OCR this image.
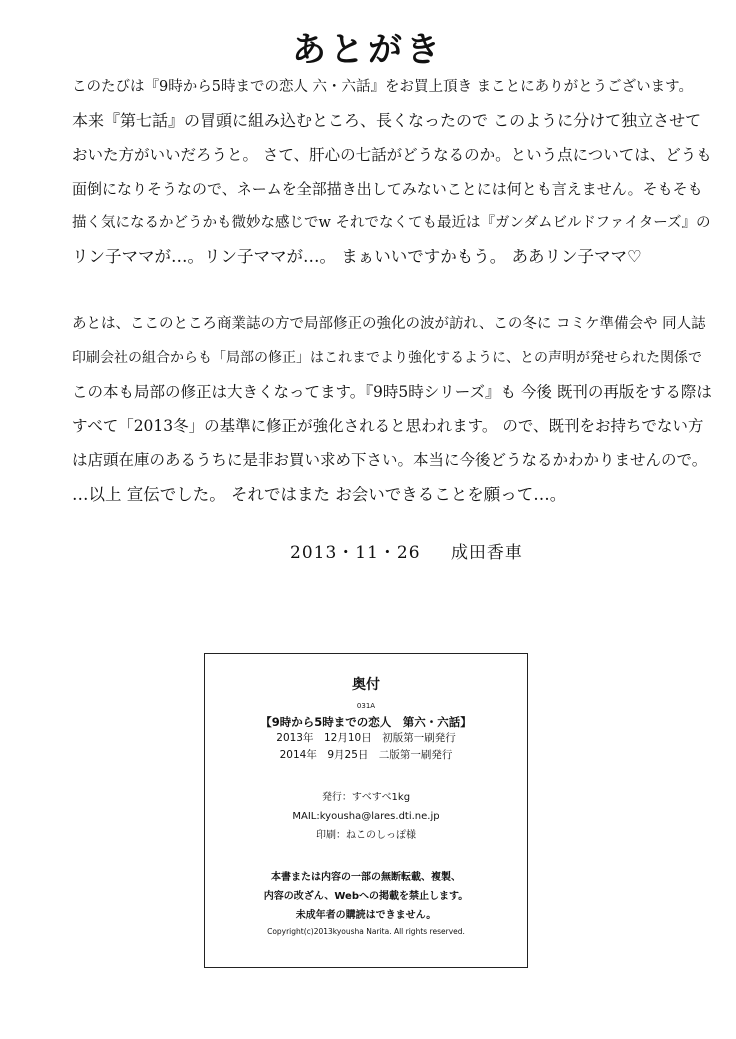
あとがき
このたびは『9時から5時までの恋人 六・六話』をお買上頂き まことにありがとうございます。
本来『第七話』の冒頭に組み込むところ、長くなったので このように分けて独立させて
おいた方がいいだろうと。 さて、肝心の七話がどうなるのか。という点については、どうも
面倒になりそうなので、ネームを全部描き出してみないことには何とも言えません。そもそも
描く気になるかどうかも微妙な感じでw それでなくても最近は『ガンダムビルドファイターズ』の
リン子ママが…。リン子ママが…。 まぁいいですかもう。 ああリン子ママ♡
あとは、ここのところ商業誌の方で局部修正の強化の波が訪れ、この冬に コミケ準備会や 同人誌
印刷会社の組合からも「局部の修正」はこれまでより強化するように、との声明が発せられた関係で
この本も局部の修正は大きくなってます。『9時5時シリーズ』も 今後 既刊の再版をする際は
すべて「2013冬」の基準に修正が強化されると思われます。 ので、既刊をお持ちでない方
は店頭在庫のあるうちに是非お買い求め下さい。本当に今後どうなるかわかりませんので。
…以上 宣伝でした。 それではまた お会いできることを願って…。
2013・11・26 成田香車
奥付
031A
【9時から5時までの恋人　第六・六話】
2013年　12月10日　初版第一刷発行
2014年　9月25日　二版第一刷発行
発行：すべすべ1kg
MAIL:kyousha@lares.dti.ne.jp
印刷：ねこのしっぽ様
本書または内容の一部の無断転載、複製、
内容の改ざん、Webへの掲載を禁止します。
未成年者の購読はできません。
Copyright(c)2013kyousha Narita. All rights reserved.
